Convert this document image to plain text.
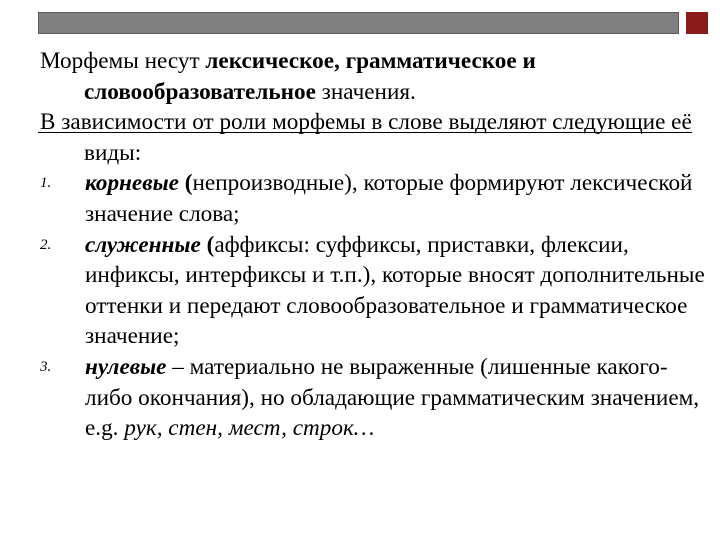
Морфемы несут лексическое, грамматическое и словообразовательное значения.

В зависимости от роли морфемы в слове выделяют следующие её виды:

1. корневые (непроизводные), которые формируют лексической значение слова;
2. служенные (аффиксы: суффиксы, приставки, флексии, инфиксы, интерфиксы и т.п.), которые вносят дополнительные оттенки и передают словообразовательное и грамматическое значение;
3. нулевые – материально не выраженные (лишенные какого-либо окончания), но обладающие грамматическим значением, e.g. рук, стен, мест, строк…
